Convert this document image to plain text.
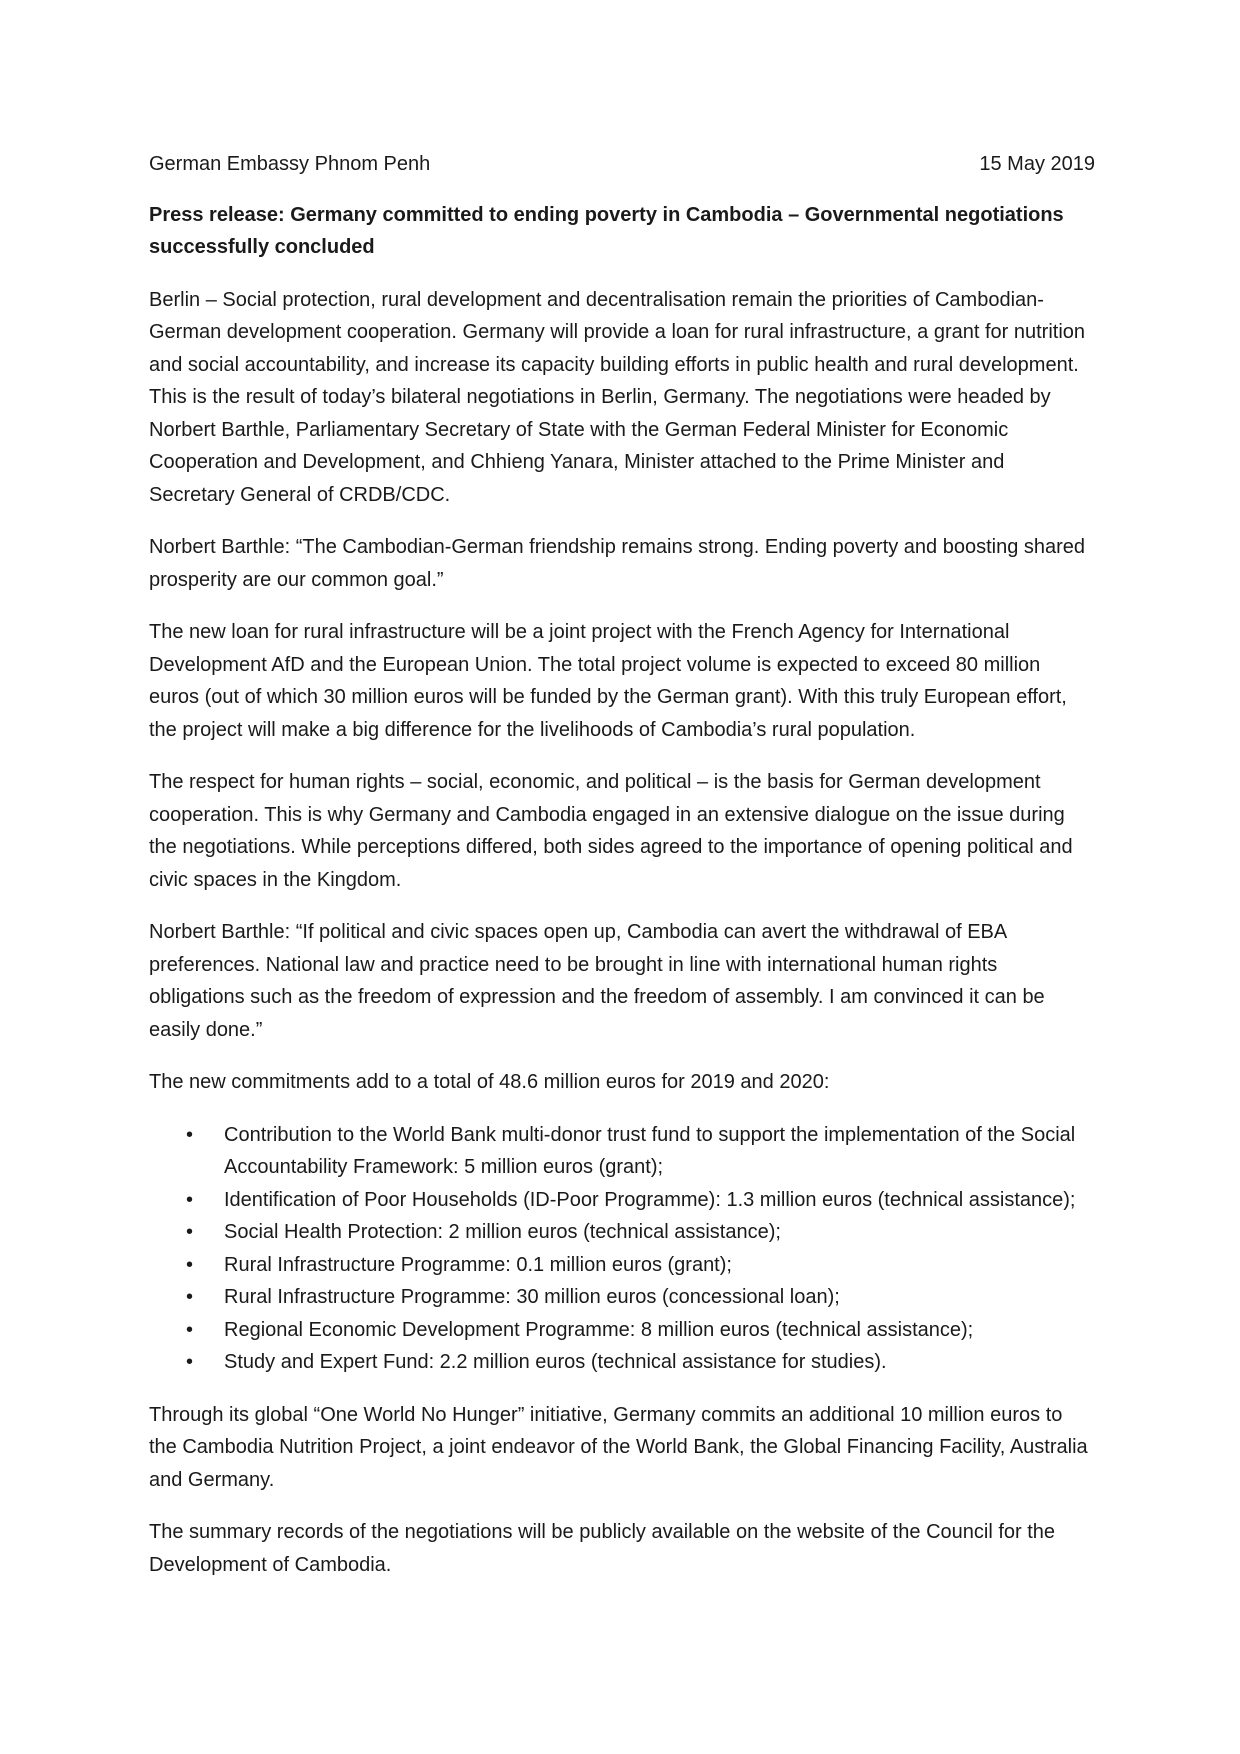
German Embassy Phnom Penh	15 May 2019
Press release: Germany committed to ending poverty in Cambodia – Governmental negotiations successfully concluded

Berlin – Social protection, rural development and decentralisation remain the priorities of Cambodian-German development cooperation. Germany will provide a loan for rural infrastructure, a grant for nutrition and social accountability, and increase its capacity building efforts in public health and rural development. This is the result of today’s bilateral negotiations in Berlin, Germany. The negotiations were headed by Norbert Barthle, Parliamentary Secretary of State with the German Federal Minister for Economic Cooperation and Development, and Chhieng Yanara, Minister attached to the Prime Minister and Secretary General of CRDB/CDC.

Norbert Barthle: “The Cambodian-German friendship remains strong. Ending poverty and boosting shared prosperity are our common goal.”

The new loan for rural infrastructure will be a joint project with the French Agency for International Development AfD and the European Union. The total project volume is expected to exceed 80 million euros (out of which 30 million euros will be funded by the German grant). With this truly European effort, the project will make a big difference for the livelihoods of Cambodia’s rural population.

The respect for human rights – social, economic, and political – is the basis for German development cooperation. This is why Germany and Cambodia engaged in an extensive dialogue on the issue during the negotiations. While perceptions differed, both sides agreed to the importance of opening political and civic spaces in the Kingdom.

Norbert Barthle: “If political and civic spaces open up, Cambodia can avert the withdrawal of EBA preferences. National law and practice need to be brought in line with international human rights obligations such as the freedom of expression and the freedom of assembly. I am convinced it can be easily done.”

The new commitments add to a total of 48.6 million euros for 2019 and 2020:

• Contribution to the World Bank multi-donor trust fund to support the implementation of the Social Accountability Framework: 5 million euros (grant);
• Identification of Poor Households (ID-Poor Programme): 1.3 million euros (technical assistance);
• Social Health Protection: 2 million euros (technical assistance);
• Rural Infrastructure Programme: 0.1 million euros (grant);
• Rural Infrastructure Programme: 30 million euros (concessional loan);
• Regional Economic Development Programme: 8 million euros (technical assistance);
• Study and Expert Fund: 2.2 million euros (technical assistance for studies).

Through its global “One World No Hunger” initiative, Germany commits an additional 10 million euros to the Cambodia Nutrition Project, a joint endeavor of the World Bank, the Global Financing Facility, Australia and Germany.

The summary records of the negotiations will be publicly available on the website of the Council for the Development of Cambodia.
